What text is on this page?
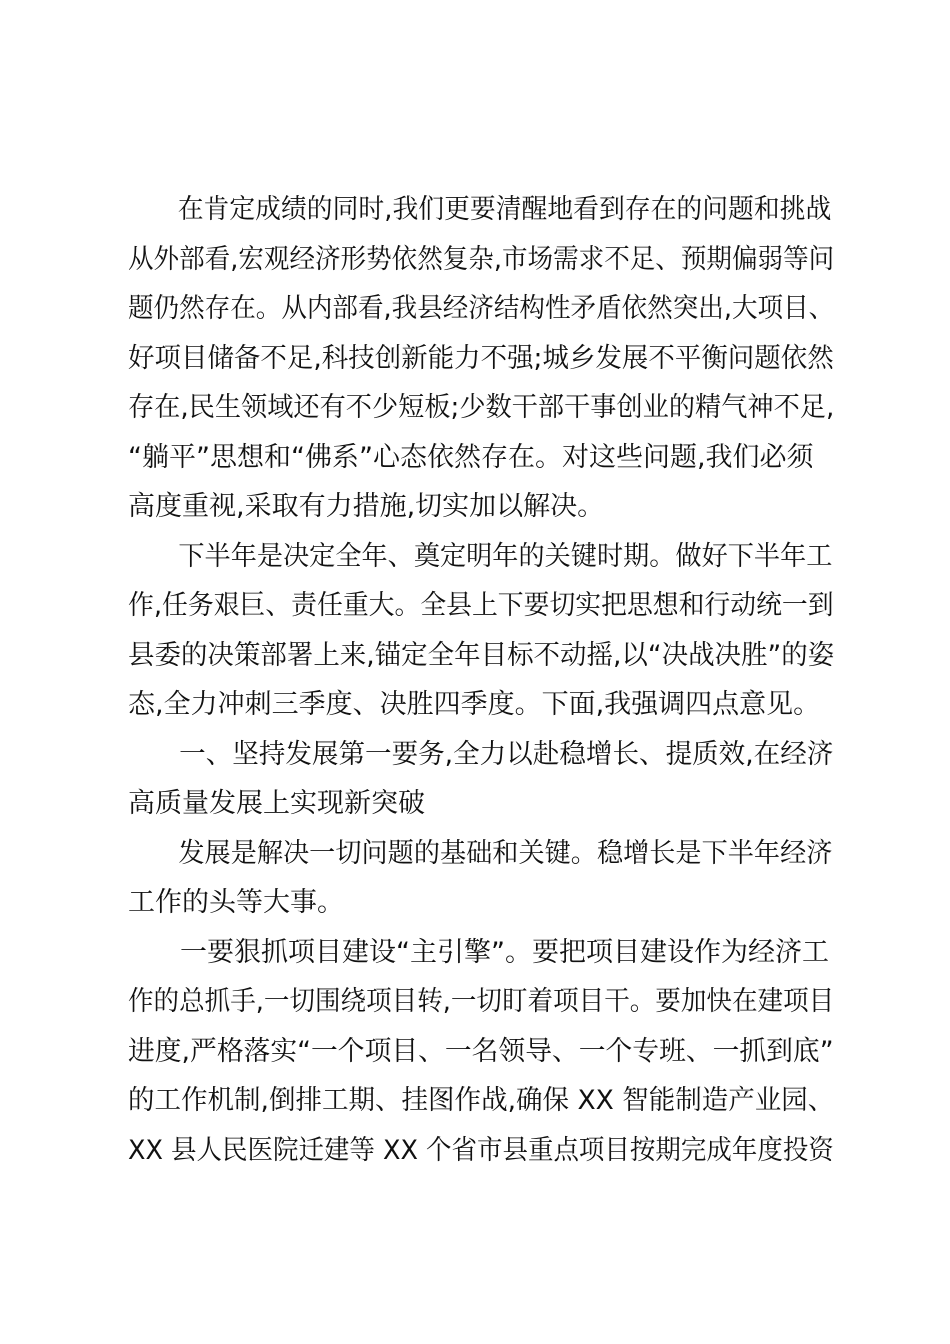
在肯定成绩的同时,我们更要清醒地看到存在的问题和挑战
从外部看,宏观经济形势依然复杂,市场需求不足、预期偏弱等问
题仍然存在。从内部看,我县经济结构性矛盾依然突出,大项目、
好项目储备不足,科技创新能力不强;城乡发展不平衡问题依然
存在,民生领域还有不少短板;少数干部干事创业的精气神不足,
“躺平”思想和“佛系”心态依然存在。对这些问题,我们必须
高度重视,采取有力措施,切实加以解决。
下半年是决定全年、奠定明年的关键时期。做好下半年工
作,任务艰巨、责任重大。全县上下要切实把思想和行动统一到
县委的决策部署上来,锚定全年目标不动摇,以“决战决胜”的姿
态,全力冲刺三季度、决胜四季度。下面,我强调四点意见。
一、坚持发展第一要务,全力以赴稳增长、提质效,在经济
高质量发展上实现新突破
发展是解决一切问题的基础和关键。稳增长是下半年经济
工作的头等大事。
一要狠抓项目建设“主引擎”。要把项目建设作为经济工
作的总抓手,一切围绕项目转,一切盯着项目干。要加快在建项目
进度,严格落实“一个项目、一名领导、一个专班、一抓到底”
的工作机制,倒排工期、挂图作战,确保 XX 智能制造产业园、
XX 县人民医院迁建等 XX 个省市县重点项目按期完成年度投资
